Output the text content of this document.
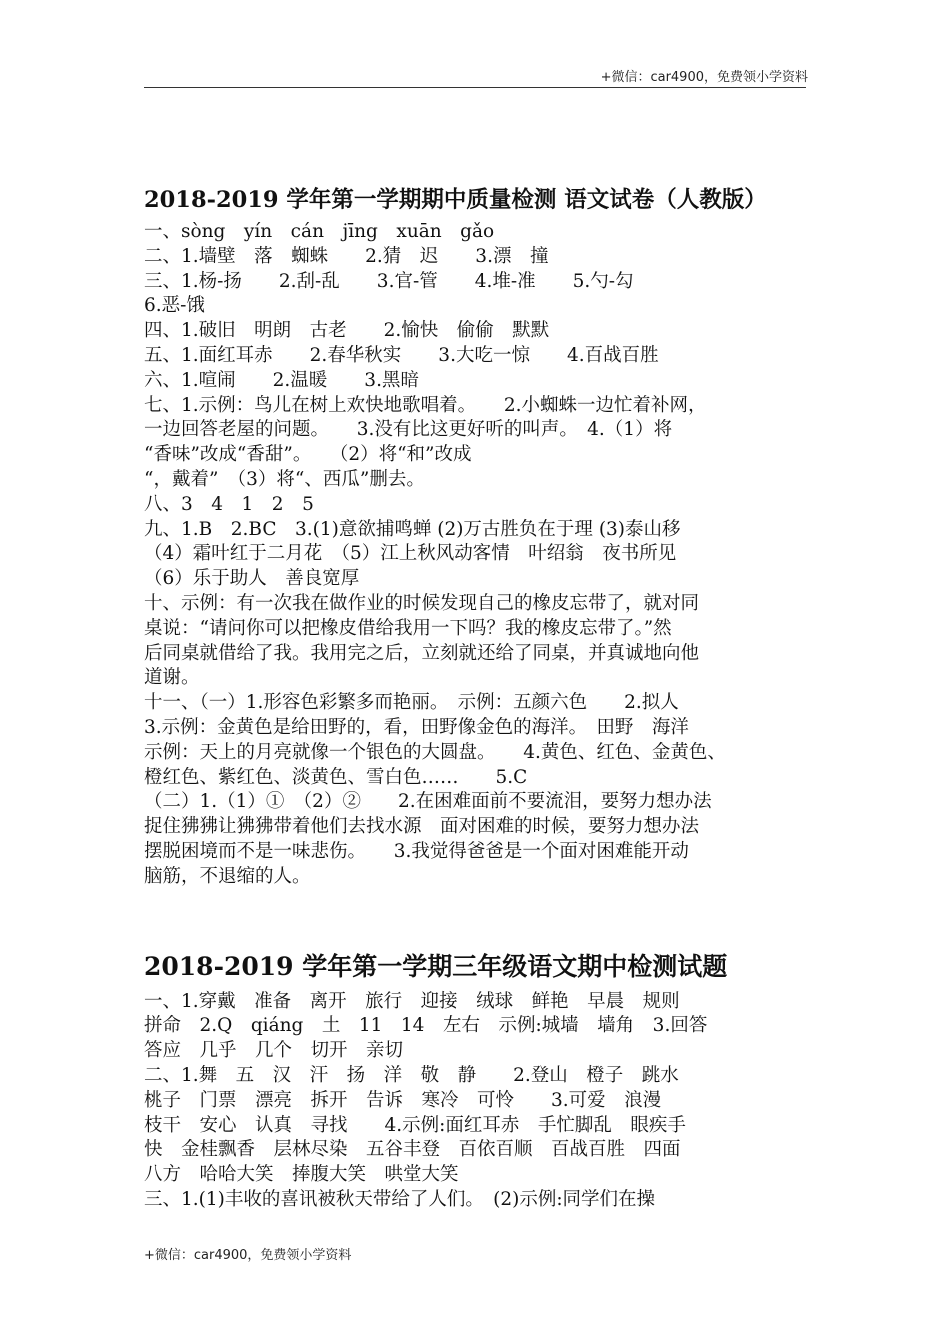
+微信：car4900，免费领小学资料
2018-2019 学年第一学期期中质量检测 语文试卷（人教版）
一、sòng　yín　cán　jīng　xuān　gǎo
二、1.墙壁　落　蜘蛛　　2.猜　迟　　3.漂　撞
三、1.杨-扬　　2.刮-乱　　3.官-管　　4.堆-准　　5.勺-勾
6.恶-饿
四、1.破旧　明朗　古老　　2.愉快　偷偷　默默
五、1.面红耳赤　　2.春华秋实　　3.大吃一惊　　4.百战百胜
六、1.喧闹　　2.温暖　　3.黑暗
七、1.示例：鸟儿在树上欢快地歌唱着。　　2.小蜘蛛一边忙着补网，
一边回答老屋的问题。　　3.没有比这更好听的叫声。　4.（1）将
“香味”改成“香甜”。　　（2）将“和”改成
“，戴着”　（3）将“、西瓜”删去。
八、3　4　1　2　5
九、1.B　2.BC　3.(1)意欲捕鸣蝉 (2)万古胜负在于理 (3)泰山移
（4）霜叶红于二月花　（5）江上秋风动客情　叶绍翁　夜书所见
（6）乐于助人　善良宽厚
十、示例：有一次我在做作业的时候发现自己的橡皮忘带了，就对同
桌说：“请问你可以把橡皮借给我用一下吗？我的橡皮忘带了。”然
后同桌就借给了我。我用完之后，立刻就还给了同桌，并真诚地向他
道谢。
十一、（一）1.形容色彩繁多而艳丽。　示例：五颜六色　　2.拟人
3.示例：金黄色是给田野的，看，田野像金色的海洋。　田野　海洋
示例：天上的月亮就像一个银色的大圆盘。　　4.黄色、红色、金黄色、
橙红色、紫红色、淡黄色、雪白色……　　5.C
（二）1.（1）①　（2）②　　2.在困难面前不要流泪，要努力想办法
捉住狒狒让狒狒带着他们去找水源　面对困难的时候，要努力想办法
摆脱困境而不是一味悲伤。　　3.我觉得爸爸是一个面对困难能开动
脑筋，不退缩的人。
2018-2019 学年第一学期三年级语文期中检测试题
一、1.穿戴　准备　离开　旅行　迎接　绒球　鲜艳　早晨　规则
拼命　2.Q　qiáng　土　11　14　左右　示例:城墙　墙角　3.回答
答应　几乎　几个　切开　亲切
二、1.舞　五　汉　汗　扬　洋　敬　静　　2.登山　橙子　跳水
桃子　门票　漂亮　拆开　告诉　寒冷　可怜　　3.可爱　浪漫
枝干　安心　认真　寻找　　4.示例:面红耳赤　手忙脚乱　眼疾手
快　金桂飘香　层林尽染　五谷丰登　百依百顺　百战百胜　四面
八方　哈哈大笑　捧腹大笑　哄堂大笑
三、1.(1)丰收的喜讯被秋天带给了人们。　(2)示例:同学们在操
+微信：car4900，免费领小学资料
